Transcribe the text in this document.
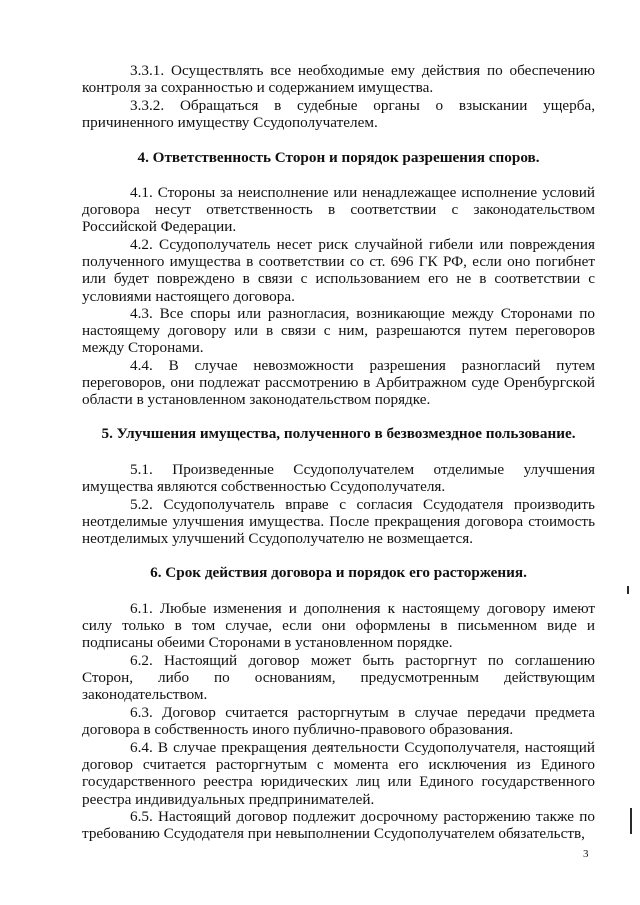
3.3.1. Осуществлять все необходимые ему действия по обеспечению контроля за сохранностью и содержанием имущества.

3.3.2. Обращаться в судебные органы о взыскании ущерба, причиненного имуществу Ссудополучателем.

4. Ответственность Сторон и порядок разрешения споров.

4.1. Стороны за неисполнение или ненадлежащее исполнение условий договора несут ответственность в соответствии с законодательством Российской Федерации.

4.2. Ссудополучатель несет риск случайной гибели или повреждения полученного имущества в соответствии со ст. 696 ГК РФ, если оно погибнет или будет повреждено в связи с использованием его не в соответствии с условиями настоящего договора.

4.3. Все споры или разногласия, возникающие между Сторонами по настоящему договору или в связи с ним, разрешаются путем переговоров между Сторонами.

4.4. В случае невозможности разрешения разногласий путем переговоров, они подлежат рассмотрению в Арбитражном суде Оренбургской области в установленном законодательством порядке.

5. Улучшения имущества, полученного в безвозмездное пользование.

5.1. Произведенные Ссудополучателем отделимые улучшения имущества являются собственностью Ссудополучателя.

5.2. Ссудополучатель вправе с согласия Ссудодателя производить неотделимые улучшения имущества. После прекращения договора стоимость неотделимых улучшений Ссудополучателю не возмещается.

6. Срок действия договора и порядок его расторжения.

6.1. Любые изменения и дополнения к настоящему договору имеют силу только в том случае, если они оформлены в письменном виде и подписаны обеими Сторонами в установленном порядке.

6.2. Настоящий договор может быть расторгнут по соглашению Сторон, либо по основаниям, предусмотренным действующим законодательством.

6.3. Договор считается расторгнутым в случае передачи предмета договора в собственность иного публично-правового образования.

6.4. В случае прекращения деятельности Ссудополучателя, настоящий договор считается расторгнутым с момента его исключения из Единого государственного реестра юридических лиц или Единого государственного реестра индивидуальных предпринимателей.

6.5. Настоящий договор подлежит досрочному расторжению также по требованию Ссудодателя при невыполнении Ссудополучателем обязательств,

3
